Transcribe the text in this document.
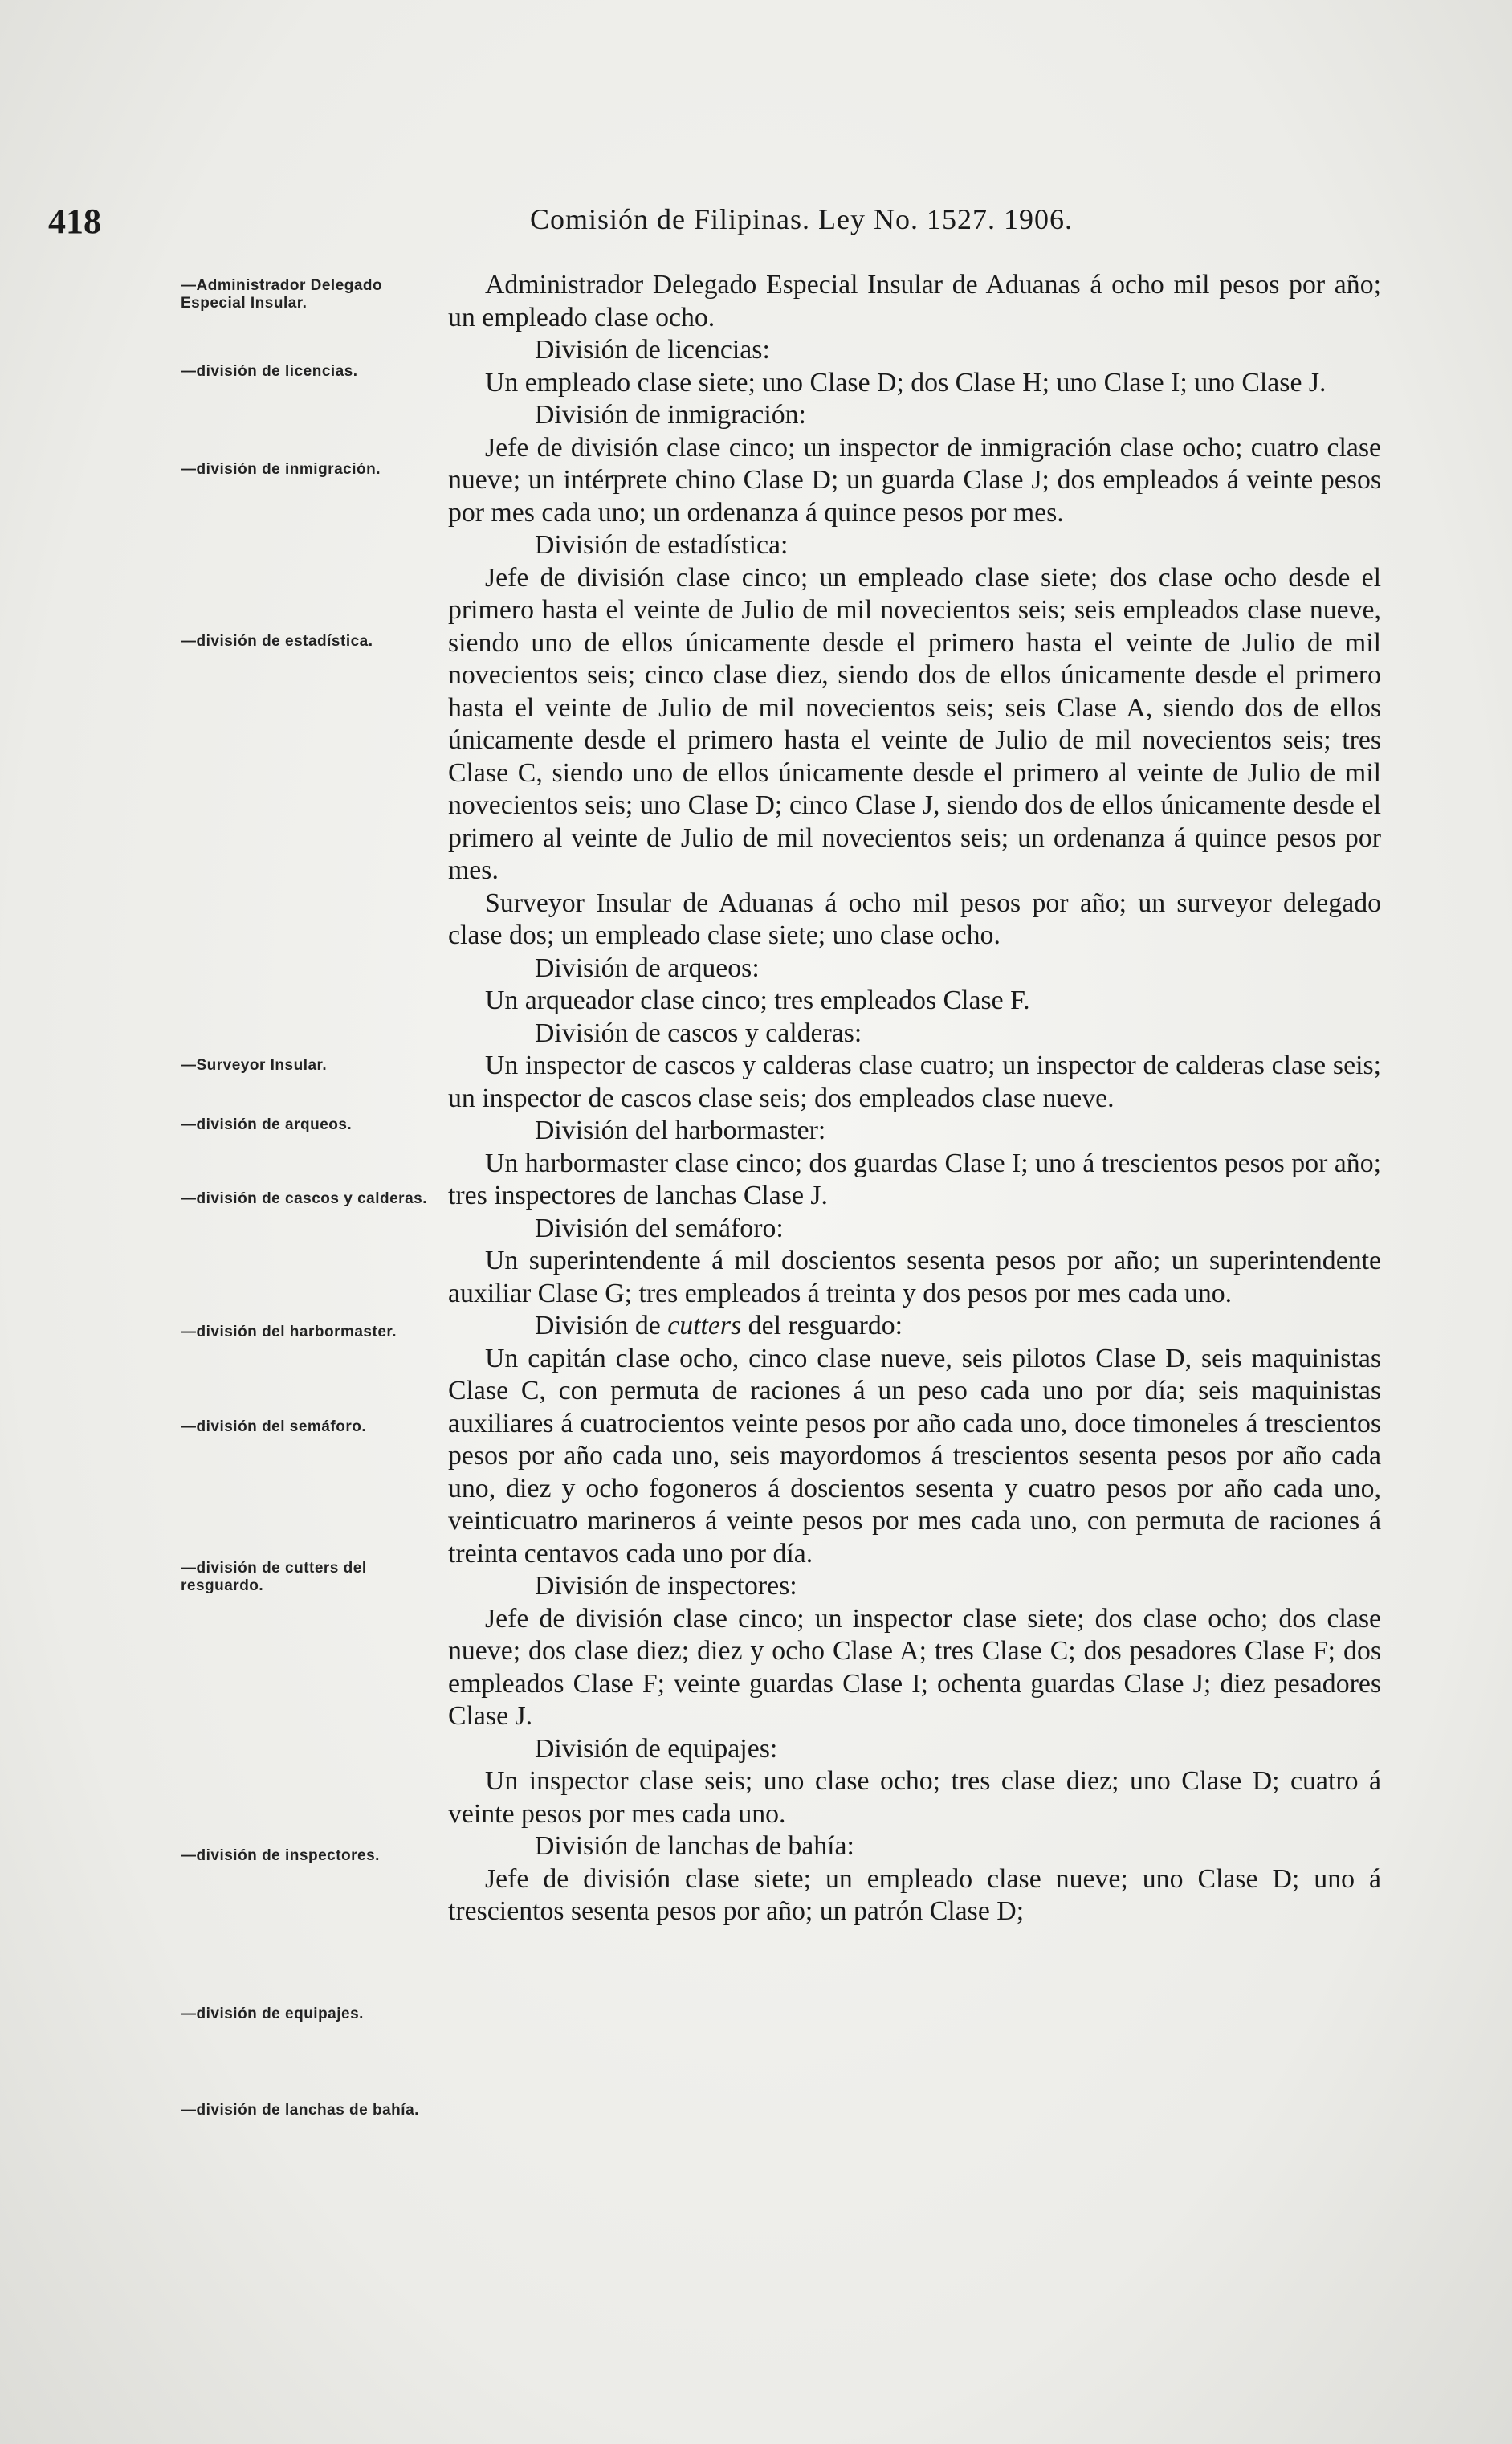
418	Comisión de Filipinas. Ley No. 1527. 1906.
—Administrador Delegado Especial Insular.
—división de licencias.
—división de inmigración.
—división de estadística.
—Surveyor Insular.
—división de arqueos.
—división de cascos y calderas.
—división del harbormaster.
—división del semáforo.
—división de cutters del resguardo.
—división de inspectores.
—división de equipajes.
—división de lanchas de bahía.

Administrador Delegado Especial Insular de Aduanas á ocho mil pesos por año; un empleado clase ocho.

División de licencias:

Un empleado clase siete; uno Clase D; dos Clase H; uno Clase I; uno Clase J.

División de inmigración:

Jefe de división clase cinco; un inspector de inmigración clase ocho; cuatro clase nueve; un intérprete chino Clase D; un guarda Clase J; dos empleados á veinte pesos por mes cada uno; un ordenanza á quince pesos por mes.

División de estadística:

Jefe de división clase cinco; un empleado clase siete; dos clase ocho desde el primero hasta el veinte de Julio de mil novecientos seis; seis empleados clase nueve, siendo uno de ellos únicamente desde el primero hasta el veinte de Julio de mil novecientos seis; cinco clase diez, siendo dos de ellos únicamente desde el primero hasta el veinte de Julio de mil novecientos seis; seis Clase A, siendo dos de ellos únicamente desde el primero hasta el veinte de Julio de mil novecientos seis; tres Clase C, siendo uno de ellos únicamente desde el primero al veinte de Julio de mil novecientos seis; uno Clase D; cinco Clase J, siendo dos de ellos únicamente desde el primero al veinte de Julio de mil novecientos seis; un ordenanza á quince pesos por mes.

Surveyor Insular de Aduanas á ocho mil pesos por año; un surveyor delegado clase dos; un empleado clase siete; uno clase ocho.

División de arqueos:

Un arqueador clase cinco; tres empleados Clase F.

División de cascos y calderas:

Un inspector de cascos y calderas clase cuatro; un inspector de calderas clase seis; un inspector de cascos clase seis; dos empleados clase nueve.

División del harbormaster:

Un harbormaster clase cinco; dos guardas Clase I; uno á trescientos pesos por año; tres inspectores de lanchas Clase J.

División del semáforo:

Un superintendente á mil doscientos sesenta pesos por año; un superintendente auxiliar Clase G; tres empleados á treinta y dos pesos por mes cada uno.

División de cutters del resguardo:

Un capitán clase ocho, cinco clase nueve, seis pilotos Clase D, seis maquinistas Clase C, con permuta de raciones á un peso cada uno por día; seis maquinistas auxiliares á cuatrocientos veinte pesos por año cada uno, doce timoneles á trescientos pesos por año cada uno, seis mayordomos á trescientos sesenta pesos por año cada uno, diez y ocho fogoneros á doscientos sesenta y cuatro pesos por año cada uno, veinticuatro marineros á veinte pesos por mes cada uno, con permuta de raciones á treinta centavos cada uno por día.

División de inspectores:

Jefe de división clase cinco; un inspector clase siete; dos clase ocho; dos clase nueve; dos clase diez; diez y ocho Clase A; tres Clase C; dos pesadores Clase F; dos empleados Clase F; veinte guardas Clase I; ochenta guardas Clase J; diez pesadores Clase J.

División de equipajes:

Un inspector clase seis; uno clase ocho; tres clase diez; uno Clase D; cuatro á veinte pesos por mes cada uno.

División de lanchas de bahía:

Jefe de división clase siete; un empleado clase nueve; uno Clase D; uno á trescientos sesenta pesos por año; un patrón Clase D;
